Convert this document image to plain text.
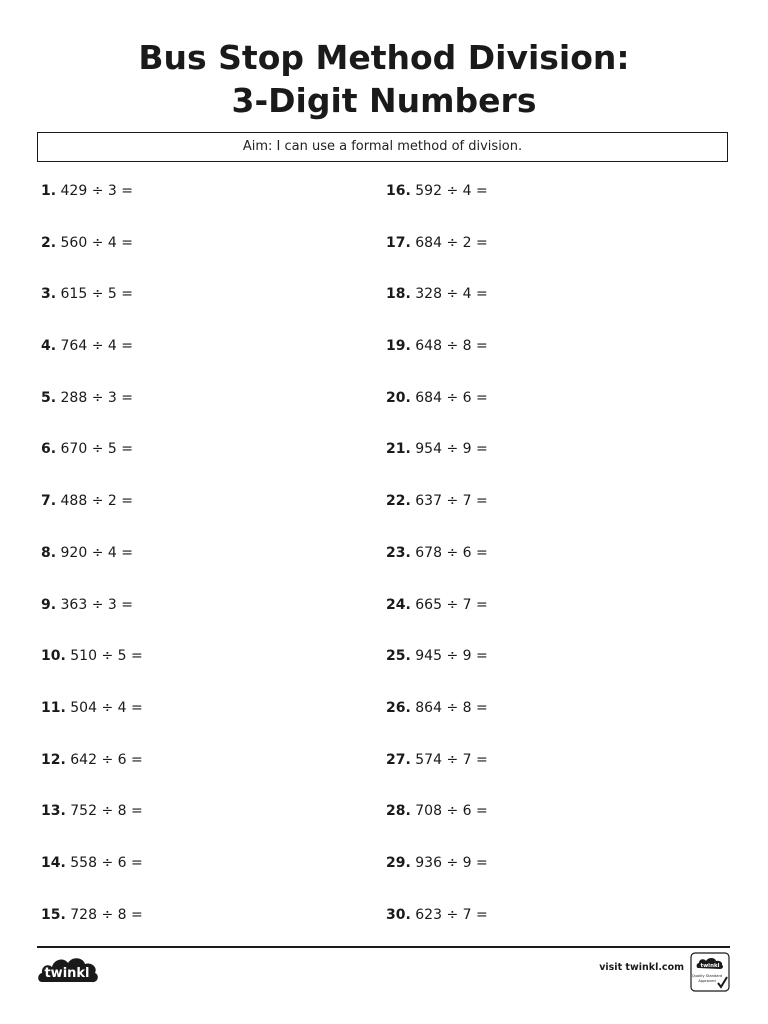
Bus Stop Method Division:
3-Digit Numbers
Aim: I can use a formal method of division.
1. 429 ÷ 3 =
2. 560 ÷ 4 =
3. 615 ÷ 5 =
4. 764 ÷ 4 =
5. 288 ÷ 3 =
6. 670 ÷ 5 =
7. 488 ÷ 2 =
8. 920 ÷ 4 =
9. 363 ÷ 3 =
10. 510 ÷ 5 =
11. 504 ÷ 4 =
12. 642 ÷ 6 =
13. 752 ÷ 8 =
14. 558 ÷ 6 =
15. 728 ÷ 8 =
16. 592 ÷ 4 =
17. 684 ÷ 2 =
18. 328 ÷ 4 =
19. 648 ÷ 8 =
20. 684 ÷ 6 =
21. 954 ÷ 9 =
22. 637 ÷ 7 =
23. 678 ÷ 6 =
24. 665 ÷ 7 =
25. 945 ÷ 9 =
26. 864 ÷ 8 =
27. 574 ÷ 7 =
28. 708 ÷ 6 =
29. 936 ÷ 9 =
30. 623 ÷ 7 =
twinkl	visit twinkl.com	twinkl
Quality Standard
Approved
